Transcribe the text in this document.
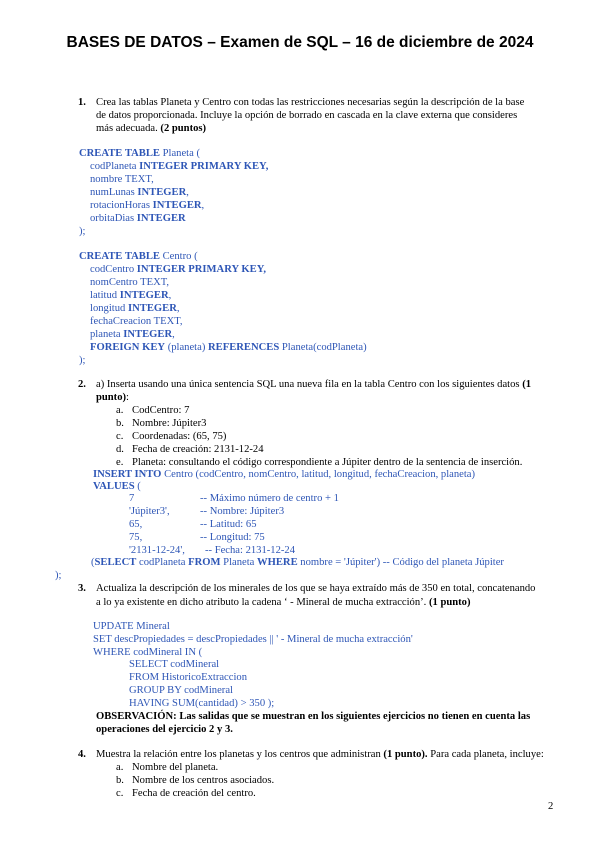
BASES DE DATOS – Examen de SQL – 16 de diciembre de 2024
1. Crea las tablas Planeta y Centro con todas las restricciones necesarias según la descripción de la base
de datos proporcionada. Incluye la opción de borrado en cascada en la clave externa que consideres
más adecuada. (2 puntos)
CREATE TABLE Planeta (
codPlaneta INTEGER PRIMARY KEY,
nombre TEXT,
numLunas INTEGER,
rotacionHoras INTEGER,
orbitaDias INTEGER
);
CREATE TABLE Centro (
codCentro INTEGER PRIMARY KEY,
nomCentro TEXT,
latitud INTEGER,
longitud INTEGER,
fechaCreacion TEXT,
planeta INTEGER,
FOREIGN KEY (planeta) REFERENCES Planeta(codPlaneta)
);
2. a) Inserta usando una única sentencia SQL una nueva fila en la tabla Centro con los siguientes datos (1
punto):
a. CodCentro: 7
b. Nombre: Júpiter3
c. Coordenadas: (65, 75)
d. Fecha de creación: 2131-12-24
e. Planeta: consultando el código correspondiente a Júpiter dentro de la sentencia de inserción.
INSERT INTO Centro (codCentro, nomCentro, latitud, longitud, fechaCreacion, planeta)
VALUES (
7	-- Máximo número de centro + 1
'Júpiter3',	-- Nombre: Júpiter3
65,	-- Latitud: 65
75,	-- Longitud: 75
'2131-12-24', -- Fecha: 2131-12-24
(SELECT codPlaneta FROM Planeta WHERE nombre = 'Júpiter') -- Código del planeta Júpiter
);
3. Actualiza la descripción de los minerales de los que se haya extraído más de 350 en total, concatenando
a lo ya existente en dicho atributo la cadena ‘ - Mineral de mucha extracción’. (1 punto)
UPDATE Mineral
SET descPropiedades = descPropiedades || ' - Mineral de mucha extracción'
WHERE codMineral IN (
SELECT codMineral
FROM HistoricoExtraccion
GROUP BY codMineral
HAVING SUM(cantidad) > 350 );
OBSERVACIÓN: Las salidas que se muestran en los siguientes ejercicios no tienen en cuenta las
operaciones del ejercicio 2 y 3.
4. Muestra la relación entre los planetas y los centros que administran (1 punto). Para cada planeta, incluye:
a. Nombre del planeta.
b. Nombre de los centros asociados.
c. Fecha de creación del centro.
2
